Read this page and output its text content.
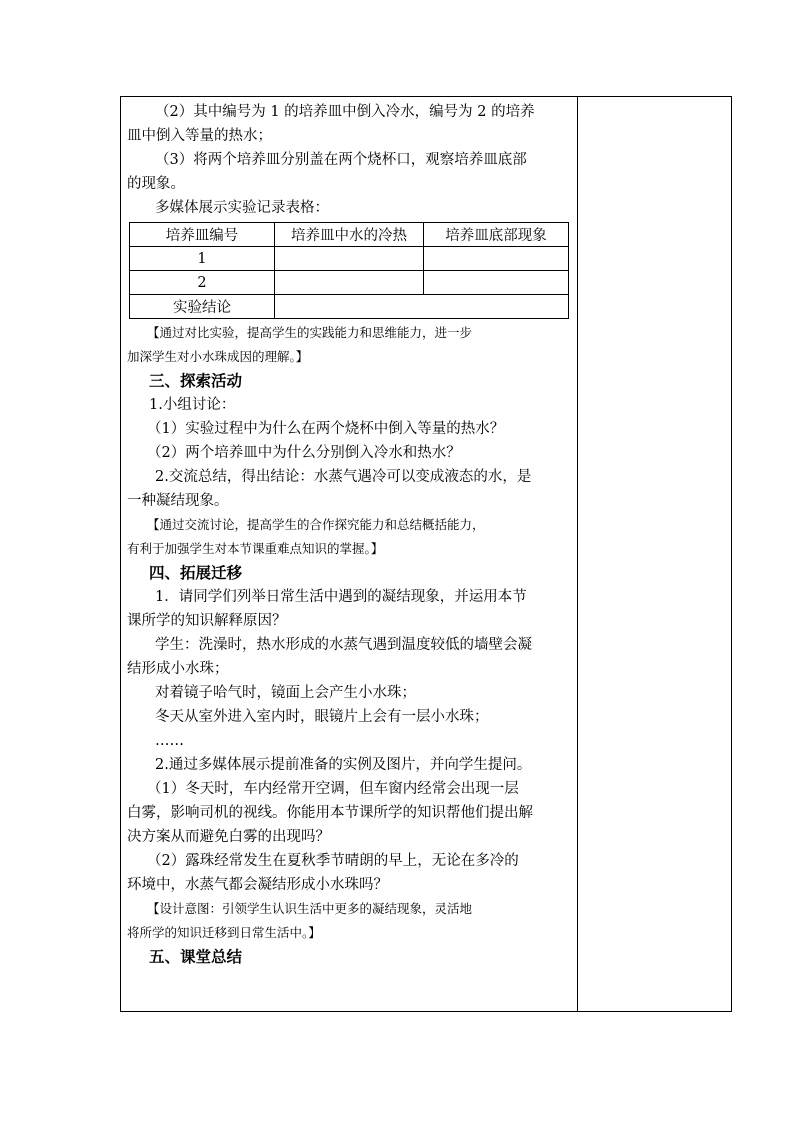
（2）其中编号为 1 的培养皿中倒入冷水，编号为 2 的培养
皿中倒入等量的热水；
（3）将两个培养皿分别盖在两个烧杯口，观察培养皿底部
的现象。
多媒体展示实验记录表格：
培养皿编号	培养皿中水的冷热	培养皿底部现象
1		
2		
实验结论		
【通过对比实验，提高学生的实践能力和思维能力，进一步
加深学生对小水珠成因的理解。】
三、探索活动
1.小组讨论：
（1）实验过程中为什么在两个烧杯中倒入等量的热水？
（2）两个培养皿中为什么分别倒入冷水和热水？
2.交流总结，得出结论：水蒸气遇冷可以变成液态的水，是
一种凝结现象。
【通过交流讨论，提高学生的合作探究能力和总结概括能力，
有利于加强学生对本节课重难点知识的掌握。】
四、拓展迁移
1．请同学们列举日常生活中遇到的凝结现象，并运用本节
课所学的知识解释原因？
学生：洗澡时，热水形成的水蒸气遇到温度较低的墙壁会凝
结形成小水珠；
对着镜子哈气时，镜面上会产生小水珠；
冬天从室外进入室内时，眼镜片上会有一层小水珠；
……
2.通过多媒体展示提前准备的实例及图片，并向学生提问。
（1）冬天时，车内经常开空调，但车窗内经常会出现一层
白雾，影响司机的视线。你能用本节课所学的知识帮他们提出解
决方案从而避免白雾的出现吗？
（2）露珠经常发生在夏秋季节晴朗的早上，无论在多冷的
环境中，水蒸气都会凝结形成小水珠吗？
【设计意图：引领学生认识生活中更多的凝结现象，灵活地
将所学的知识迁移到日常生活中。】
五、课堂总结
